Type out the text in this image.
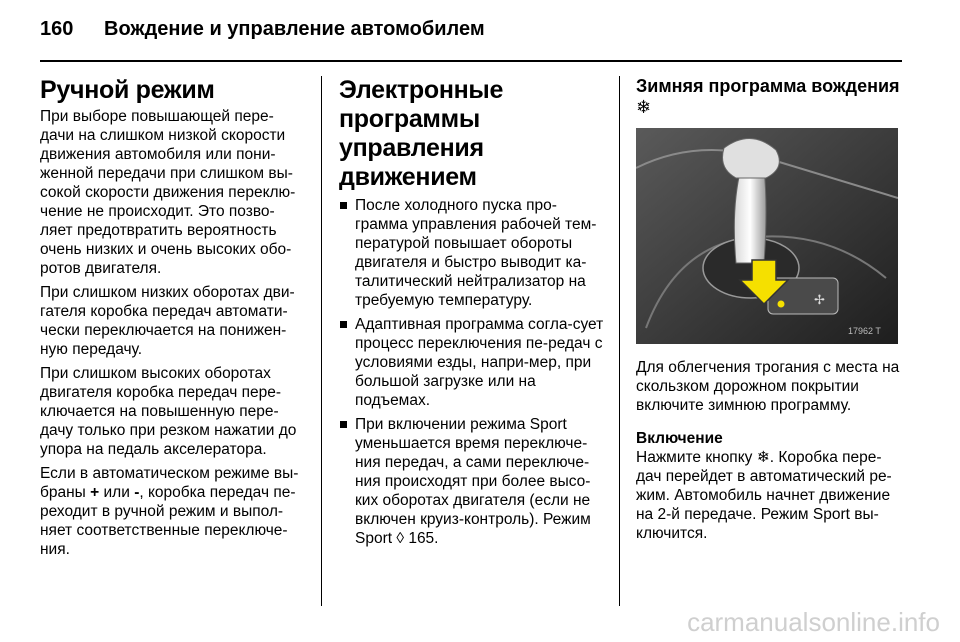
160	Вождение и управление автомобилем
Ручной режим

При выборе повышающей пере-дачи на слишком низкой скорости движения автомобиля или пони-женной передачи при слишком вы-сокой скорости движения переклю-чение не происходит. Это позво-ляет предотвратить вероятность очень низких и очень высоких обо-ротов двигателя.

При слишком низких оборотах дви-гателя коробка передач автомати-чески переключается на понижен-ную передачу.

При слишком высоких оборотах двигателя коробка передач пере-ключается на повышенную пере-дачу только при резком нажатии до упора на педаль акселератора.

Если в автоматическом режиме вы-браны + или -, коробка передач пе-реходит в ручной режим и выпол-няет соответственные переключе-ния.

Электронные программы управления движением
После холодного пуска про-грамма управления рабочей тем-пературой повышает обороты двигателя и быстро выводит ка-талитический нейтрализатор на требуемую температуру.
Адаптивная программа согла-сует процесс переключения пе-редач с условиями езды, напри-мер, при большой загрузке или на подъемах.
При включении режима Sport уменьшается время переключе-ния передач, а сами переключе-ния происходят при более высо-ких оборотах двигателя (если не включен круиз-контроль). Режим Sport ◊ 165.
Зимняя программа вождения ❄
✢
17962 T

Для облегчения трогания с места на скользком дорожном покрытии включите зимнюю программу.

Включение

Нажмите кнопку ❄. Коробка пере-дач перейдет в автоматический ре-жим. Автомобиль начнет движение на 2-й передаче. Режим Sport вы-ключится.

carmanualsonline.info
